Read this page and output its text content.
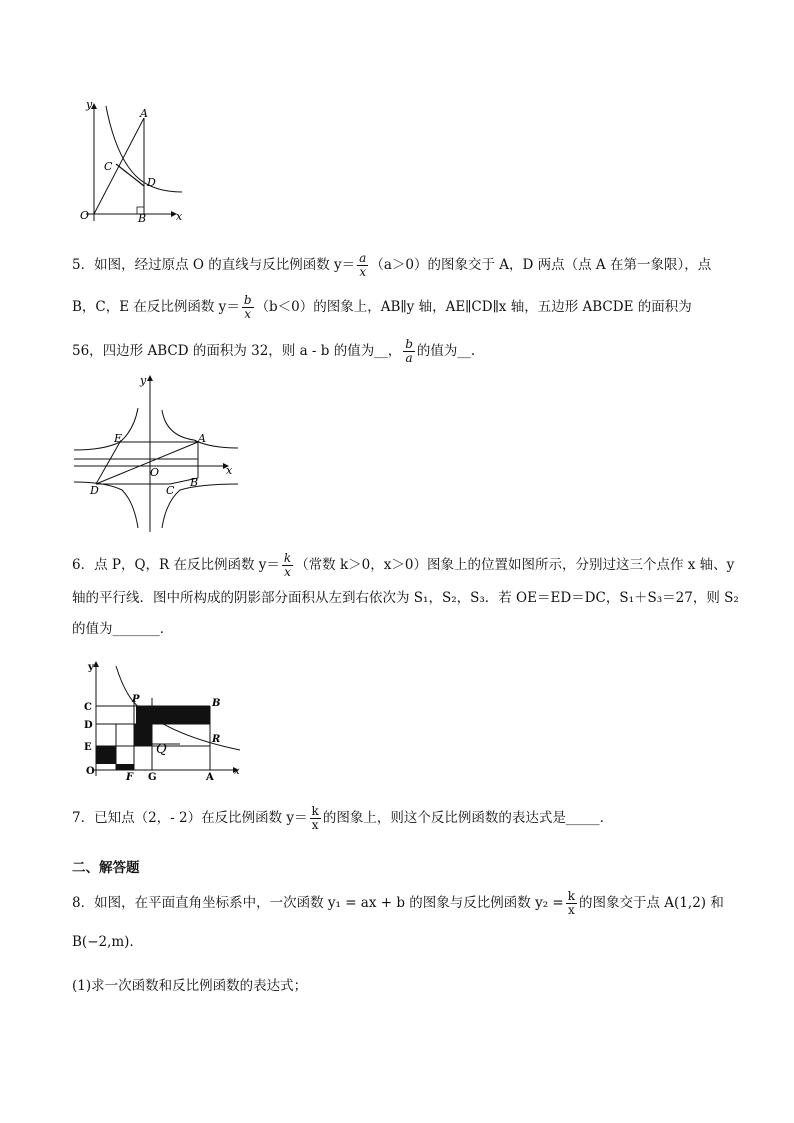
y
A
C
D
O	B	x
5．如图，经过原点 O 的直线与反比例函数 $y= \frac{a}{x} (a>0)$的图象交于 A，D 两点（点 A 在第一象限），点
B，C，E 在反比例函数 $y= \frac{b}{x} (b<0)$的图象上，AB∥y 轴，AE∥CD∥x 轴，五边形 ABCDE 的面积为
56，四边形 ABCD 的面积为 32，则 a - b 的值为__， $\frac{b}{a}$ 的值为__.
y
E	A
O	x
D	C
B
6．点 P，Q，R 在反比例函数 $y= \frac{k}{x}$ （常数 k＞0，x＞0）图象上的位置如图所示，分别过这三个点作 x 轴、y
轴的平行线．图中所构成的阴影部分面积从左到右依次为 S₁，S₂，S₃．若 OE＝ED＝DC，S₁＋S₃＝27，则 S₂
的值为_______．
y
C
D
E
O
P	B
R
Q
F G	A
x
7．已知点（2，- 2）在反比例函数 $y= \frac{k}{x}$ 的图象上，则这个反比例函数的表达式是_____．
二、解答题
8．如图，在平面直角坐标系中，一次函数 y₁ = ax + b 的图象与反比例函数 $y_2 = \frac{k}{x}$ 的图象交于点 A(1,2) 和
B(−2,m)．
(1)求一次函数和反比例函数的表达式；
